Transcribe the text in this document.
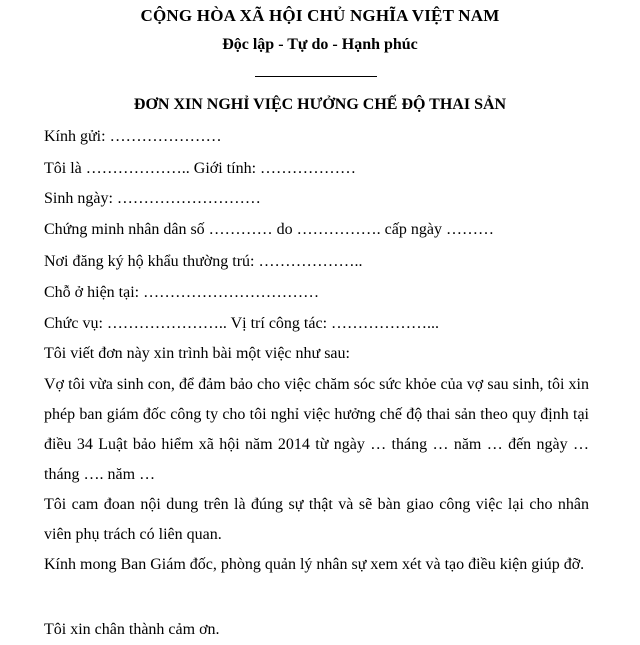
CỘNG HÒA XÃ HỘI CHỦ NGHĨA VIỆT NAM
Độc lập - Tự do - Hạnh phúc
ĐƠN XIN NGHỈ VIỆC HƯỞNG CHẾ ĐỘ THAI SẢN
Kính gửi: …………………
Tôi là ……………….. Giới tính: ………………
Sinh ngày: ………………………
Chứng minh nhân dân số ………… do ……………. cấp ngày ………
Nơi đăng ký hộ khẩu thường trú: ………………..
Chỗ ở hiện tại: ……………………………
Chức vụ: ………………….. Vị trí công tác: ………………...
Tôi viết đơn này xin trình bài một việc như sau:
Vợ tôi vừa sinh con, để đảm bảo cho việc chăm sóc sức khỏe của vợ sau sinh, tôi xin phép ban giám đốc công ty cho tôi nghỉ việc hưởng chế độ thai sản theo quy định tại điều 34 Luật bảo hiểm xã hội năm 2014 từ ngày … tháng … năm … đến ngày … tháng …. năm …
Tôi cam đoan nội dung trên là đúng sự thật và sẽ bàn giao công việc lại cho nhân viên phụ trách có liên quan.
Kính mong Ban Giám đốc, phòng quản lý nhân sự xem xét và tạo điều kiện giúp đỡ.
Tôi xin chân thành cảm ơn.
